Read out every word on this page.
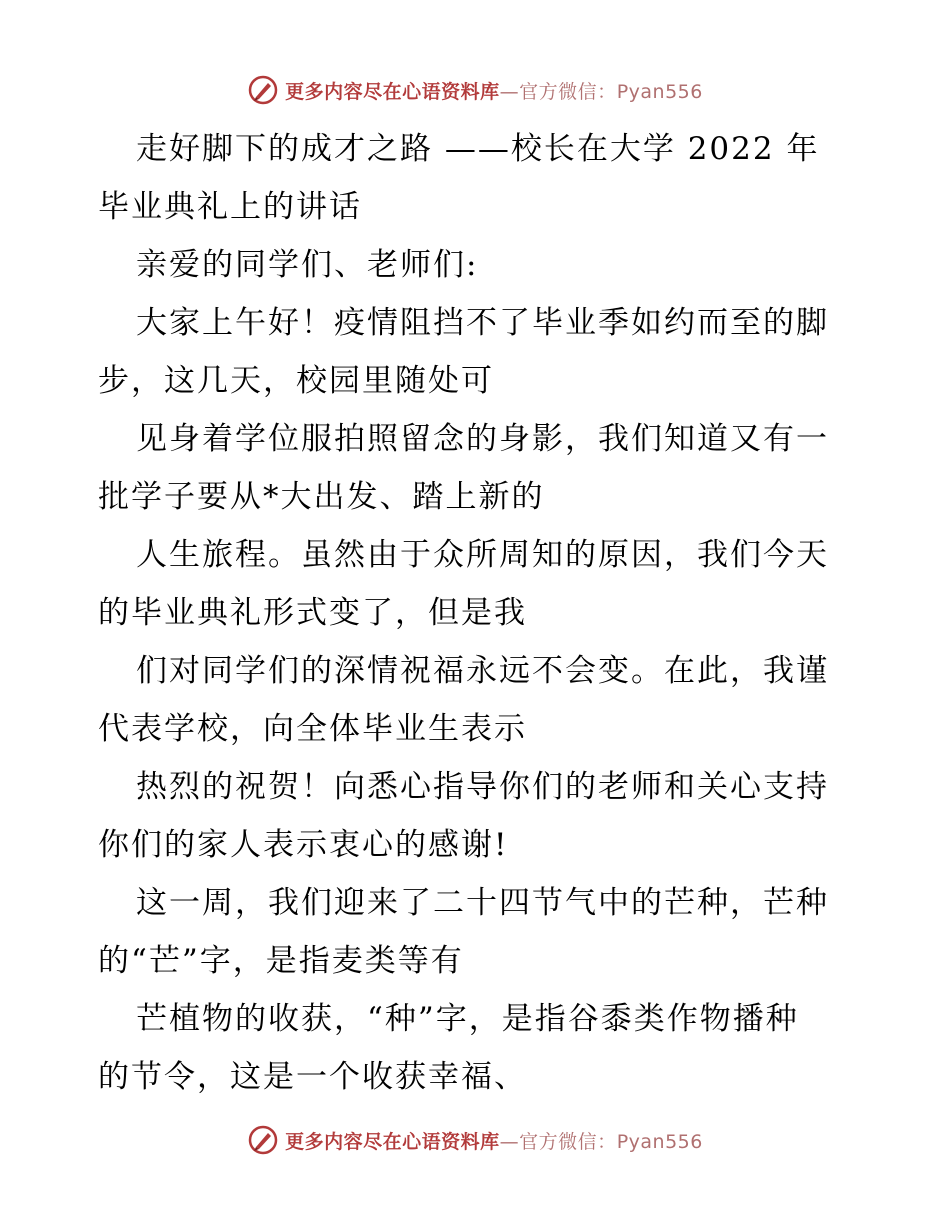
更多内容尽在心语资料库—官方微信：Pyan556
走好脚下的成才之路 ——校长在大学 2022 年
毕业典礼上的讲话
亲爱的同学们、老师们:
大家上午好！疫情阻挡不了毕业季如约而至的脚
步，这几天，校园里随处可
见身着学位服拍照留念的身影，我们知道又有一
批学子要从*大出发、踏上新的
人生旅程。虽然由于众所周知的原因，我们今天
的毕业典礼形式变了，但是我
们对同学们的深情祝福永远不会变。在此，我谨
代表学校，向全体毕业生表示
热烈的祝贺！向悉心指导你们的老师和关心支持
你们的家人表示衷心的感谢!
这一周，我们迎来了二十四节气中的芒种，芒种
的“芒”字，是指麦类等有
芒植物的收获，“种”字，是指谷黍类作物播种
的节令，这是一个收获幸福、
更多内容尽在心语资料库—官方微信：Pyan556
